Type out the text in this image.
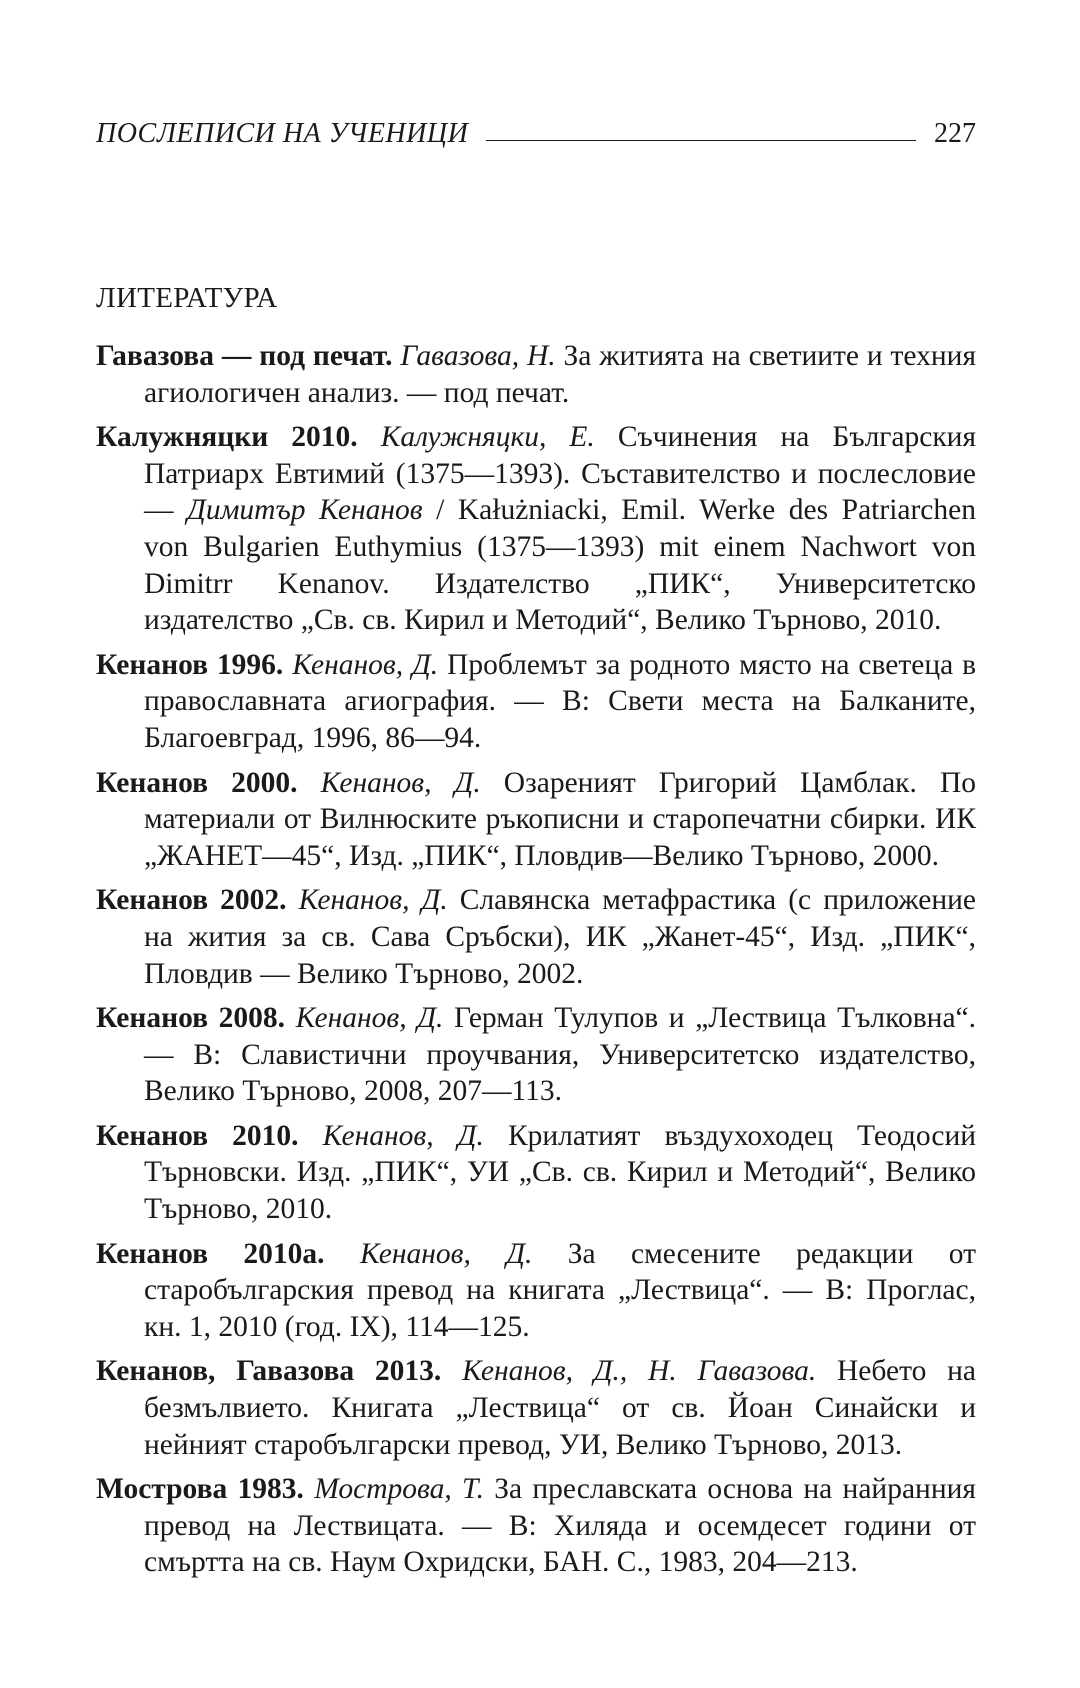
ПОСЛЕПИСИ НА УЧЕНИЦИ	227
ЛИТЕРАТУРА
Гавазова — под печат. Гавазова, Н. За житията на светиите и техния агиологичен анализ. — под печат.
Калужняцки 2010. Калужняцки, Е. Съчинения на Българския Патриарх Евтимий (1375—1393). Съставителство и послесловие — Димитър Кенанов / Kałużniacki, Emil. Werke des Patriarchen von Bulgarien Euthymius (1375—1393) mit einem Nachwort von Dimitrr Kenanov. Издателство „ПИК“, Университетско издателство „Св. св. Кирил и Методий“, Велико Търново, 2010.
Кенанов 1996. Кенанов, Д. Проблемът за родното място на светеца в православната агиография. — В: Свети места на Балканите, Благоевград, 1996, 86—94.
Кенанов 2000. Кенанов, Д. Озареният Григорий Цамблак. По материали от Вилнюските ръкописни и старопечатни сбирки. ИК „ЖАНЕТ—45“, Изд. „ПИК“, Пловдив—Велико Търново, 2000.
Кенанов 2002. Кенанов, Д. Славянска метафрастика (с приложение на жития за св. Сава Сръбски), ИК „Жанет-45“, Изд. „ПИК“, Пловдив — Велико Търново, 2002.
Кенанов 2008. Кенанов, Д. Герман Тулупов и „Лествица Тълковна“. — В: Славистични проучвания, Университетско издателство, Велико Търново, 2008, 207—113.
Кенанов 2010. Кенанов, Д. Крилатият въздухоходец Теодосий Търновски. Изд. „ПИК“, УИ „Св. св. Кирил и Методий“, Велико Търново, 2010.
Кенанов 2010а. Кенанов, Д. За смесените редакции от старобългарския превод на книгата „Лествица“. — В: Проглас, кн. 1, 2010 (год. IX), 114—125.
Кенанов, Гавазова 2013. Кенанов, Д., Н. Гавазова. Небето на безмълвието. Книгата „Лествица“ от св. Йоан Синайски и нейният старобългарски превод, УИ, Велико Търново, 2013.
Мострова 1983. Мострова, Т. За преславската основа на найранния превод на Лествицата. — В: Хиляда и осемдесет години от смъртта на св. Наум Охридски, БАН. С., 1983, 204—213.
